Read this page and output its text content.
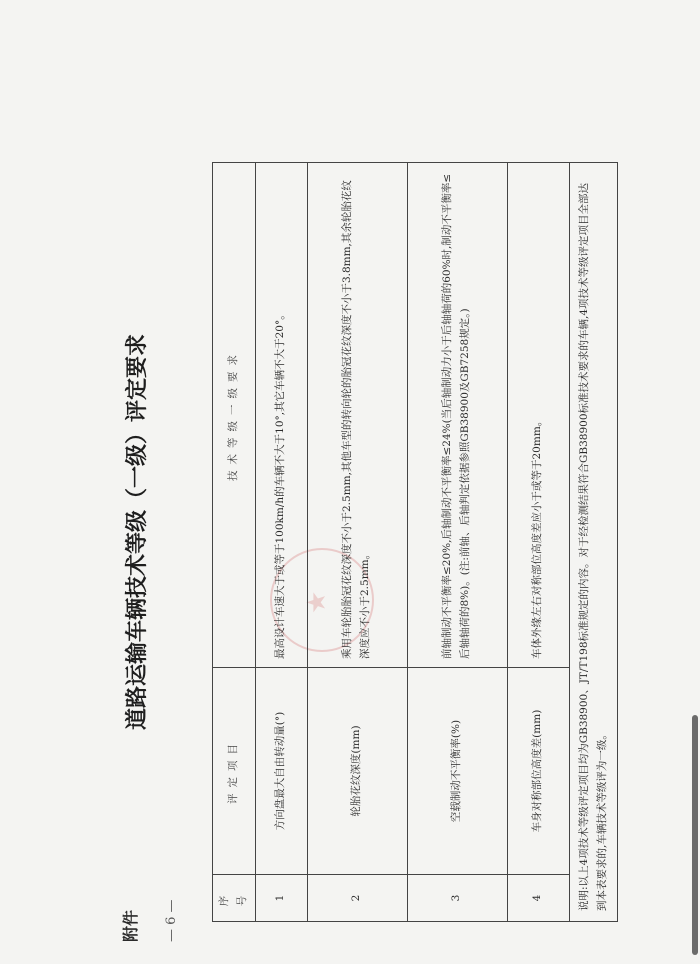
附件 — 6 —
道路运输车辆技术等级（一级）评定要求
★
序号	评定项目	技术等级一级要求
1	方向盘最大自由转动量(°)	最高设计车速大于或等于100km/h的车辆不大于10°,其它车辆不大于20°。
2	轮胎花纹深度(mm)	乘用车轮胎胎冠花纹深度不小于2.5mm,其他车型的转向轮的胎冠花纹深度不小于3.8mm,其余轮胎花纹深度应不小于2.5mm。
3	空载制动不平衡率(%)	前轴制动不平衡率≤20%,后轴制动不平衡率≤24%(当后轴制动力小于后轴轴荷的60%时,制动不平衡率≤后轴轴荷的8%)。(注:前轴、后轴判定依据参照GB38900及GB7258规定。)
4	车身对称部位高度差(mm)	车体外缘左右对称部位高度差应小于或等于20mm。
说明:以上4项技术等级评定项目均为GB38900、JT/T198标准规定的内容。对于经检测结果符合GB38900标准技术要求的车辆,4项技术等级评定项目全部达到本表要求的,车辆技术等级评为一级。		
